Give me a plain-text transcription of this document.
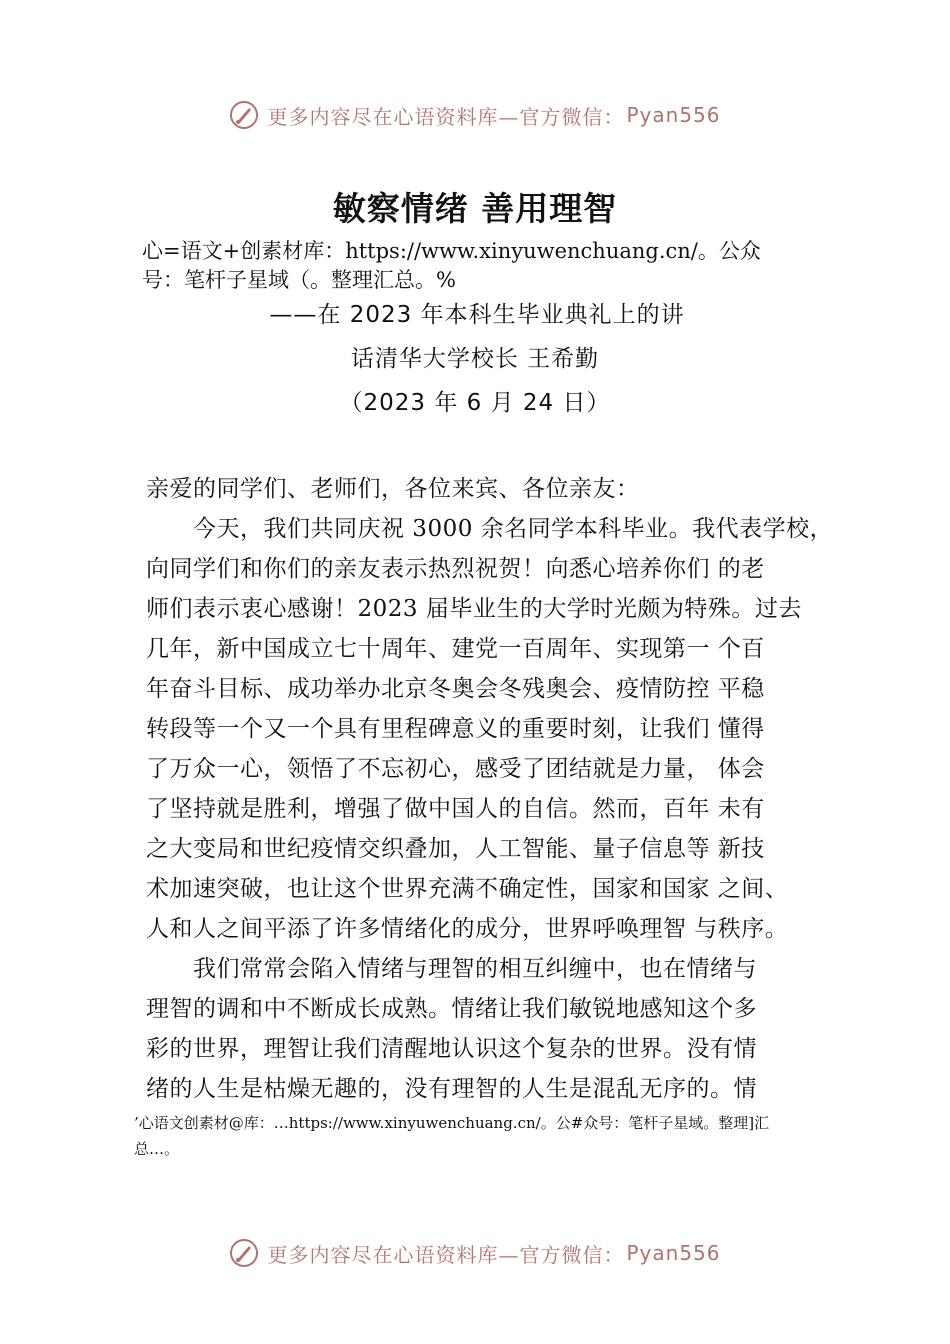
更多内容尽在心语资料库—官方微信： Pyan556
敏察情绪 善用理智
心=语文+创素材库：https://www.xinyuwenchuang.cn/。公众
号：笔杆子星域（。整理汇总。%
——在 2023 年本科生毕业典礼上的讲
话清华大学校长 王希勤
（2023 年 6 月 24 日）
亲爱的同学们、老师们，各位来宾、各位亲友：
　　今天，我们共同庆祝 3000 余名同学本科毕业。我代表学校，
向同学们和你们的亲友表示热烈祝贺！向悉心培养你们 的老
师们表示衷心感谢！2023 届毕业生的大学时光颇为特殊。过去
几年，新中国成立七十周年、建党一百周年、实现第一 个百
年奋斗目标、成功举办北京冬奥会冬残奥会、疫情防控 平稳
转段等一个又一个具有里程碑意义的重要时刻，让我们 懂得
了万众一心，领悟了不忘初心，感受了团结就是力量， 体会
了坚持就是胜利，增强了做中国人的自信。然而，百年 未有
之大变局和世纪疫情交织叠加，人工智能、量子信息等 新技
术加速突破，也让这个世界充满不确定性，国家和国家 之间、
人和人之间平添了许多情绪化的成分，世界呼唤理智 与秩序。
　　我们常常会陷入情绪与理智的相互纠缠中，也在情绪与
理智的调和中不断成长成熟。情绪让我们敏锐地感知这个多
彩的世界，理智让我们清醒地认识这个复杂的世界。没有情
绪的人生是枯燥无趣的，没有理智的人生是混乱无序的。情
’心语文创素材@库：…https://www.xinyuwenchuang.cn/。公#众号：笔杆子星域。整理]汇
总…。
更多内容尽在心语资料库—官方微信： Pyan556
